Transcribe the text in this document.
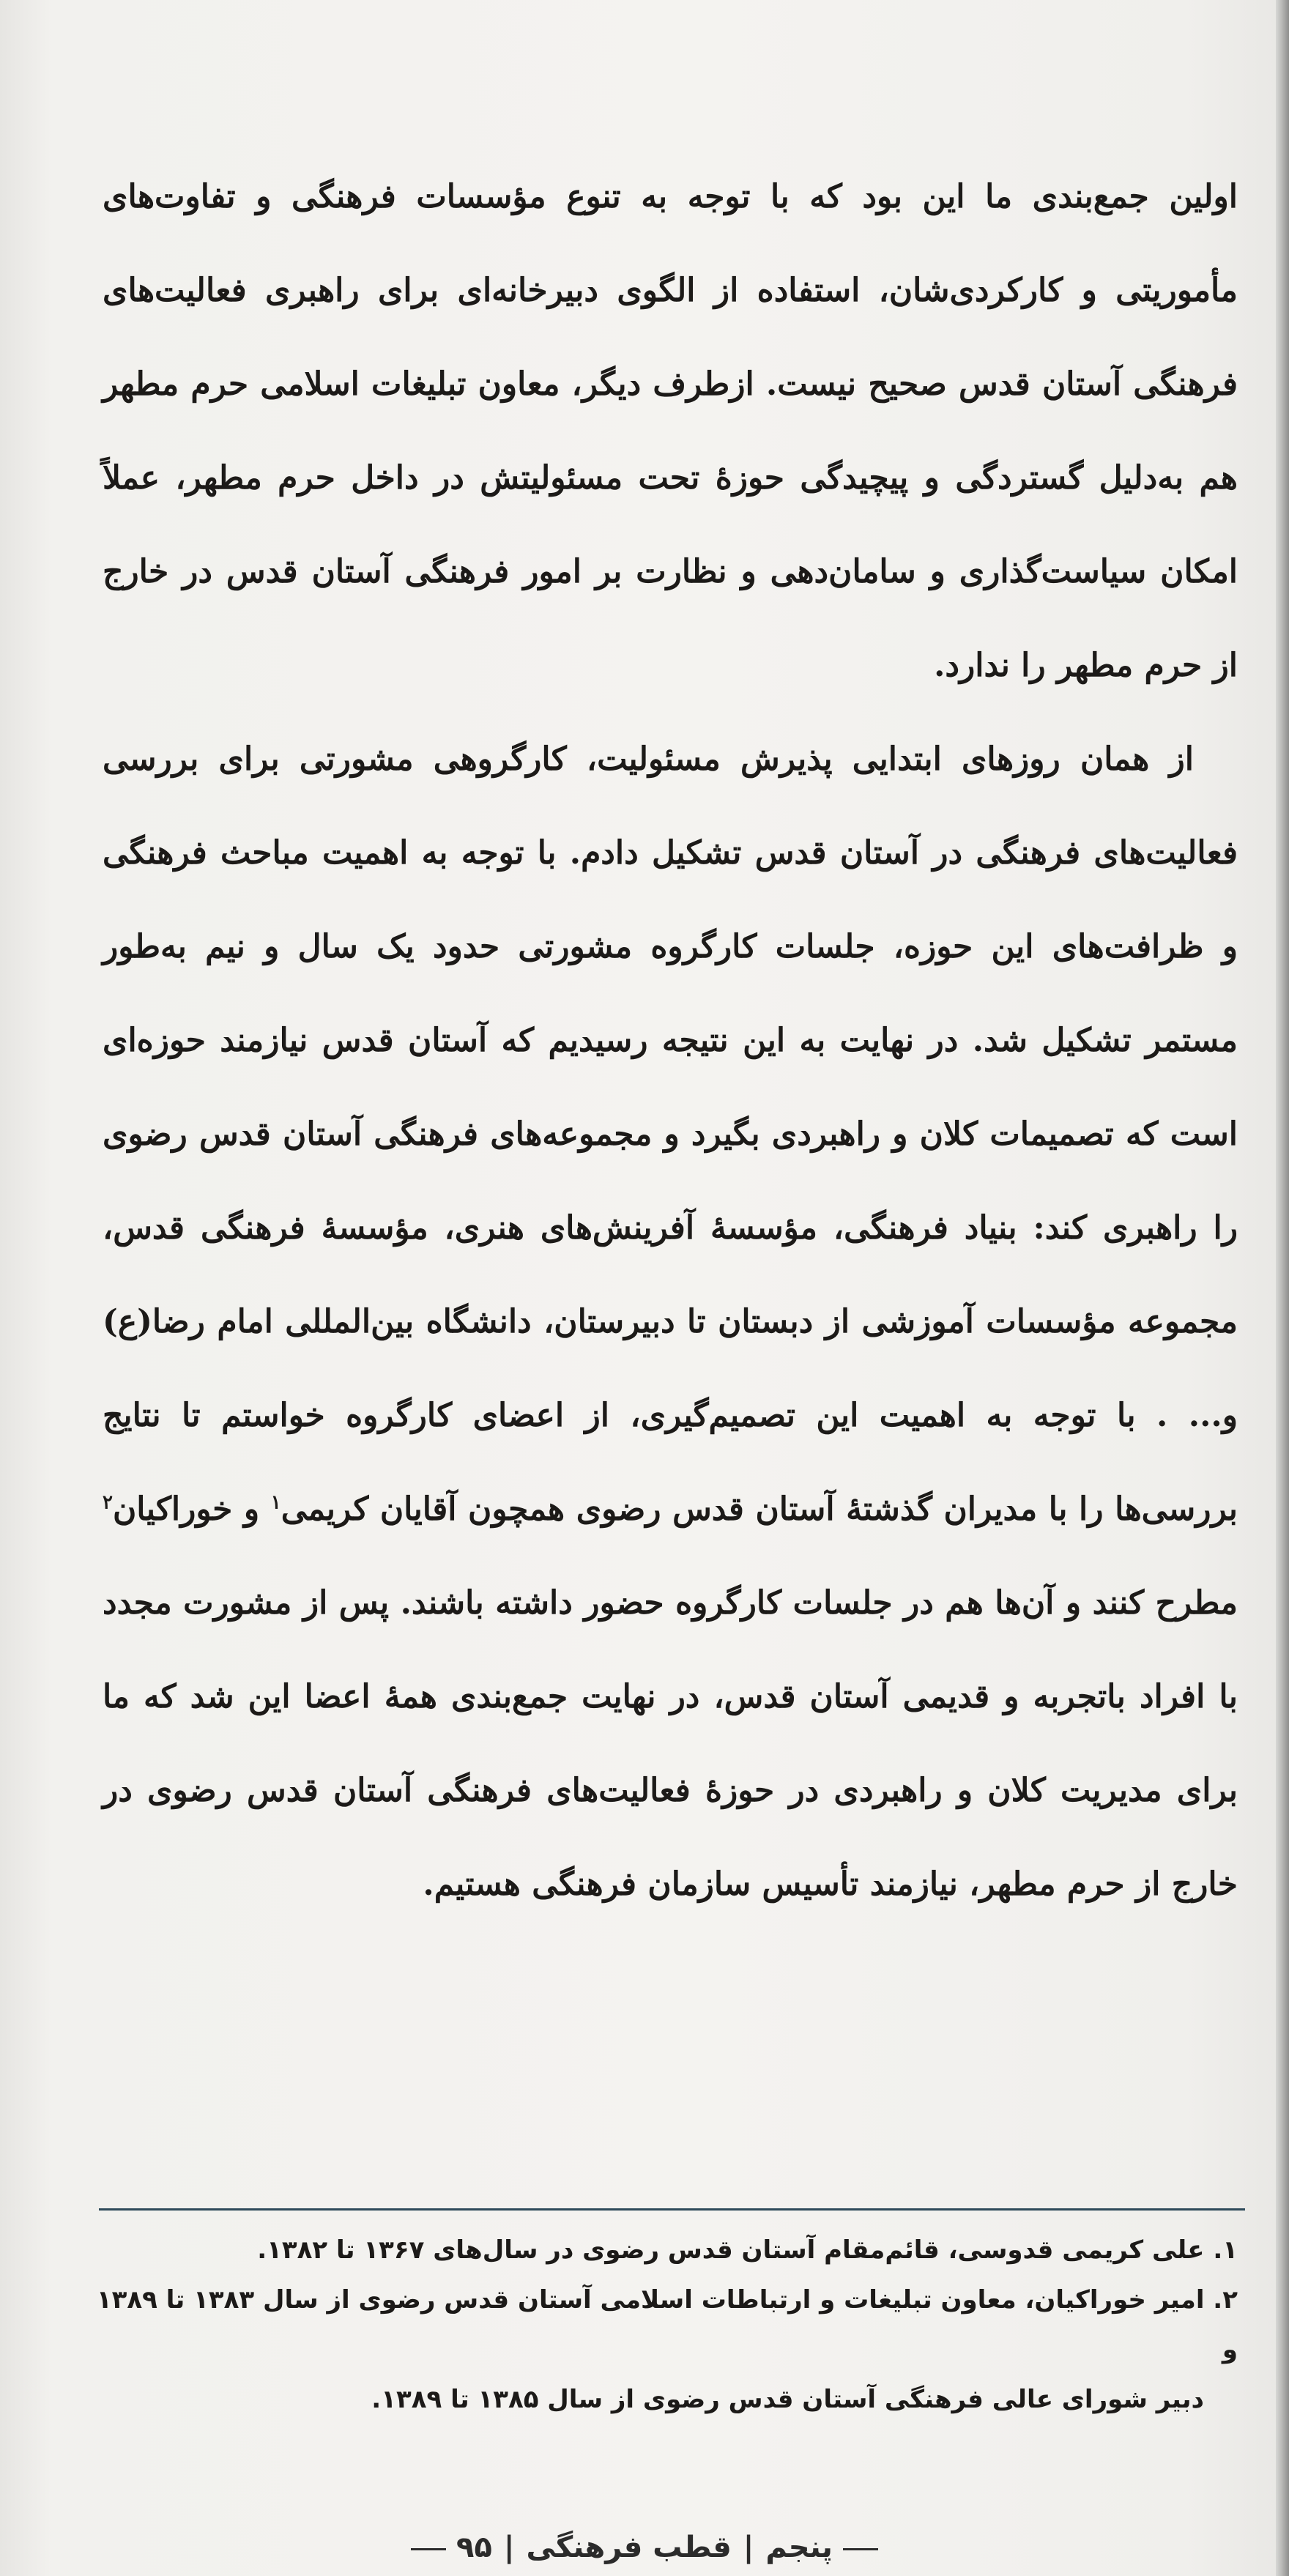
اولین جمع‌بندی ما این بود که با توجه به تنوع مؤسسات فرهنگی و تفاوت‌های مأموریتی و کارکردی‌شان، استفاده از الگوی دبیرخانه‌ای برای راهبری فعالیت‌های فرهنگی آستان قدس صحیح نیست. ازطرف دیگر، معاون تبلیغات اسلامی حرم مطهر هم به‌دلیل گستردگی و پیچیدگی حوزهٔ تحت مسئولیتش در داخل حرم مطهر، عملاً امکان سیاست‌گذاری و سامان‌دهی و نظارت بر امور فرهنگی آستان قدس در خارج از حرم مطهر را ندارد.

از همان روزهای ابتدایی پذیرش مسئولیت، کارگروهی مشورتی برای بررسی فعالیت‌های فرهنگی در آستان قدس تشکیل دادم. با توجه به اهمیت مباحث فرهنگی و ظرافت‌های این حوزه، جلسات کارگروه مشورتی حدود یک سال و نیم به‌طور مستمر تشکیل شد. در نهایت به این نتیجه رسیدیم که آستان قدس نیازمند حوزه‌ای است که تصمیمات کلان و راهبردی بگیرد و مجموعه‌های فرهنگی آستان قدس رضوی را راهبری کند: بنیاد فرهنگی، مؤسسهٔ آفرینش‌های هنری، مؤسسهٔ فرهنگی قدس، مجموعه مؤسسات آموزشی از دبستان تا دبیرستان، دانشگاه بین‌المللی امام رضا(ع) و... . با توجه به اهمیت این تصمیم‌گیری، از اعضای کارگروه خواستم تا نتایج بررسی‌ها را با مدیران گذشتهٔ آستان قدس رضوی همچون آقایان کریمی$^۱$ و خوراکیان$^۲$ مطرح کنند و آن‌ها هم در جلسات کارگروه حضور داشته باشند. پس از مشورت مجدد با افراد باتجربه و قدیمی آستان قدس، در نهایت جمع‌بندی همهٔ اعضا این شد که ما برای مدیریت کلان و راهبردی در حوزهٔ فعالیت‌های فرهنگی آستان قدس رضوی در خارج از حرم مطهر، نیازمند تأسیس سازمان فرهنگی هستیم.

۱. علی کریمی قدوسی، قائم‌مقام آستان قدس رضوی در سال‌های ۱۳۶۷ تا ۱۳۸۲.

۲. امیر خوراکیان، معاون تبلیغات و ارتباطات اسلامی آستان قدس رضوی از سال ۱۳۸۳ تا ۱۳۸۹ و

دبیر شورای عالی فرهنگی آستان قدس رضوی از سال ۱۳۸۵ تا ۱۳۸۹.

پنجم|قطب فرهنگی|۹۵
